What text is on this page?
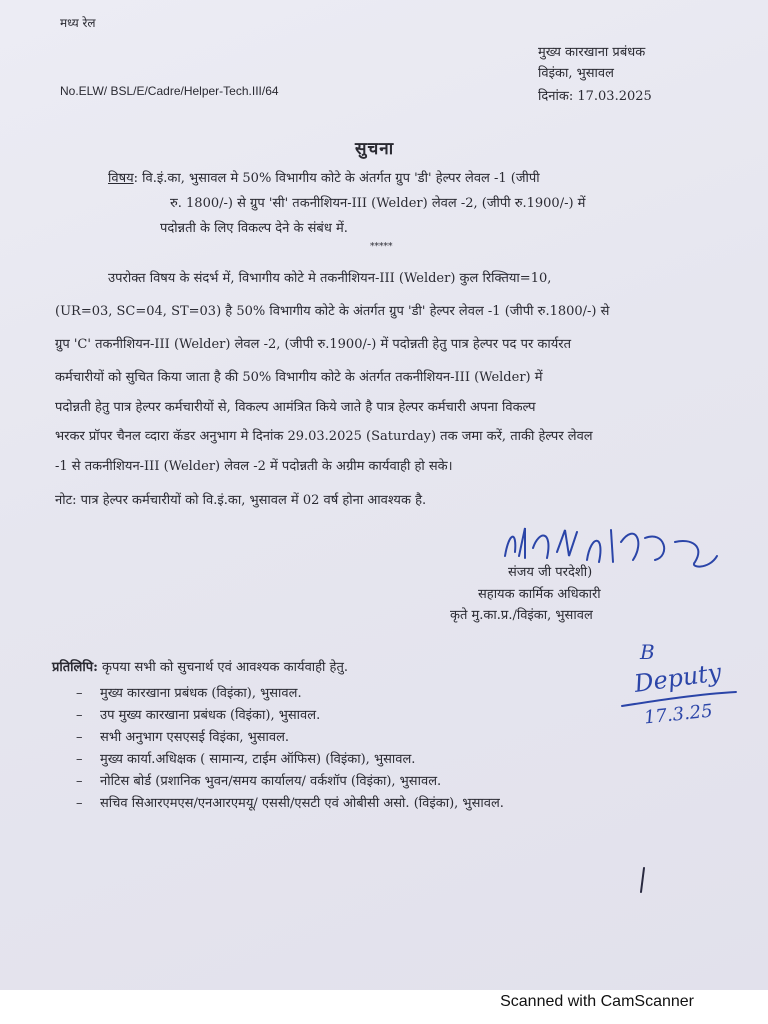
मध्य रेल
मुख्य कारखाना प्रबंधक
विइंका, भुसावल
No.ELW/ BSL/E/Cadre/Helper-Tech.III/64	दिनांक: 17.03.2025
सुचना
विषय: वि.इं.का, भुसावल मे 50% विभागीय कोटे के अंतर्गत ग्रुप 'डी' हेल्पर लेवल -1 (जीपी
रु. 1800/-) से ग्रुप 'सी' तकनीशियन-III (Welder) लेवल -2, (जीपी रु.1900/-) में
पदोन्नती के लिए विकल्प देने के संबंध में.
*****
उपरोक्त विषय के संदर्भ में, विभागीय कोटे मे तकनीशियन-III (Welder) कुल रिक्तिया=10,
(UR=03, SC=04, ST=03) है 50% विभागीय कोटे के अंतर्गत ग्रुप 'डी' हेल्पर लेवल -1 (जीपी रु.1800/-) से
ग्रुप 'C' तकनीशियन-III (Welder) लेवल -2, (जीपी रु.1900/-) में पदोन्नती हेतु पात्र हेल्पर पद पर कार्यरत
कर्मचारीयों को सुचित किया जाता है की 50% विभागीय कोटे के अंतर्गत तकनीशियन-III (Welder) में
पदोन्नती हेतु पात्र हेल्पर कर्मचारीयों से, विकल्प आमंत्रित किये जाते है पात्र हेल्पर कर्मचारी अपना विकल्प
भरकर प्रॉपर चैनल व्दारा कॅडर अनुभाग मे दिनांक 29.03.2025 (Saturday) तक जमा करें, ताकी हेल्पर लेवल
-1 से तकनीशियन-III (Welder) लेवल -2 में पदोन्नती के अग्रीम कार्यवाही हो सके।
नोट: पात्र हेल्पर कर्मचारीयों को वि.इं.का, भुसावल में 02 वर्ष होना आवश्यक है.
संजय जी परदेशी)
सहायक कार्मिक अधिकारी
कृते मु.का.प्र./विइंका, भुसावल
प्रतिलिपि: कृपया सभी को सुचनार्थ एवं आवश्यक कार्यवाही हेतु.
– मुख्य कारखाना प्रबंधक (विइंका), भुसावल.
– उप मुख्य कारखाना प्रबंधक (विइंका), भुसावल.
– सभी अनुभाग एसएसई विइंका, भुसावल.
– मुख्य कार्या.अधिक्षक ( सामान्य, टाईम ऑफिस) (विइंका), भुसावल.
– नोटिस बोर्ड (प्रशानिक भुवन/समय कार्यालय/ वर्कशॉप (विइंका), भुसावल.
– सचिव सिआरएमएस/एनआरएमयू/ एससी/एसटी एवं ओबीसी असो. (विइंका), भुसावल.
B
Deputy
17.3.25
Scanned with CamScanner
